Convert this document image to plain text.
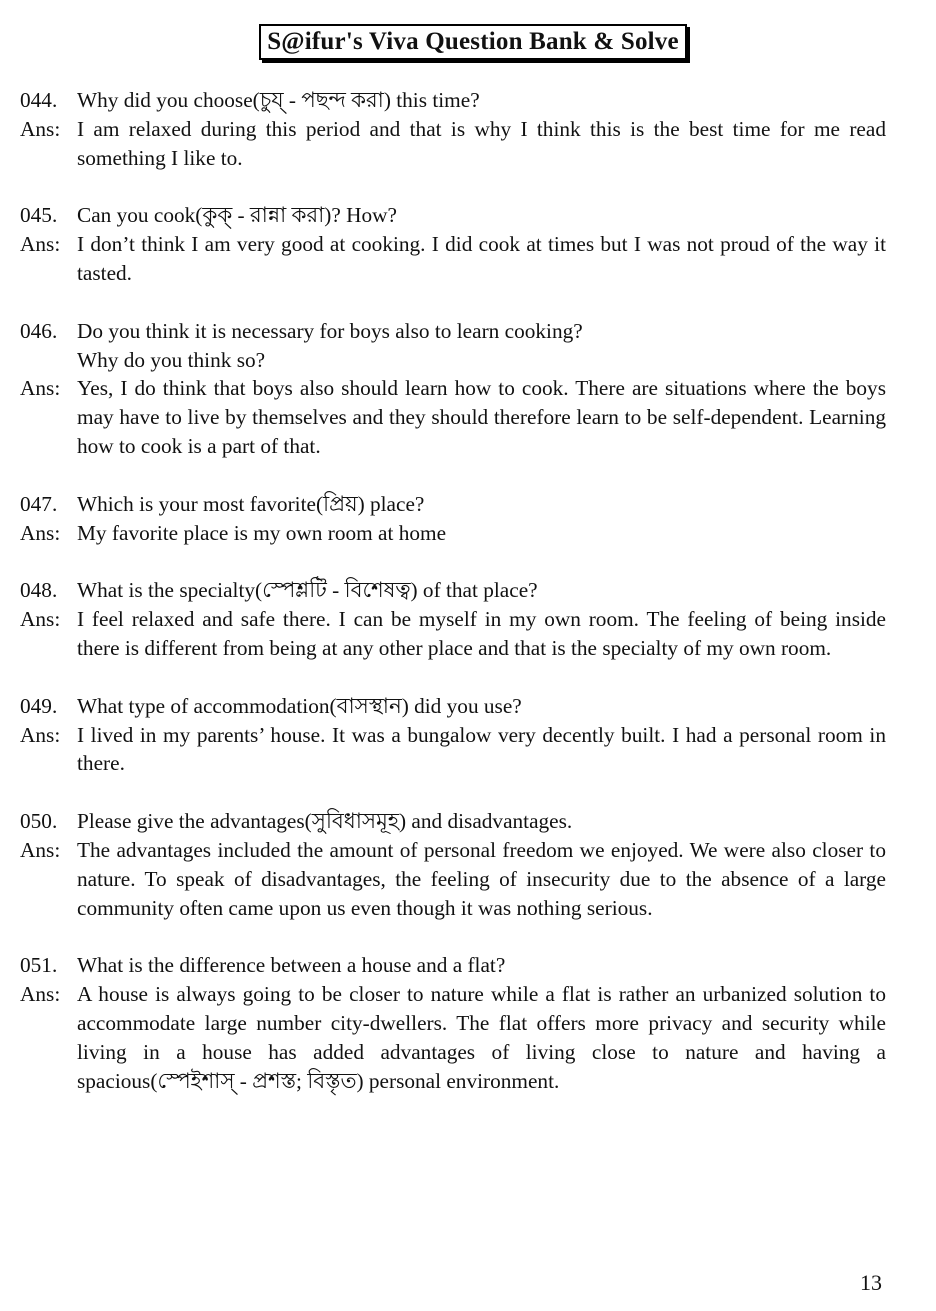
S@ifur's Viva Question Bank & Solve
044. Why did you choose(চুয্ - পছন্দ করা) this time?
Ans: I am relaxed during this period and that is why I think this is the best time for me read something I like to.
045. Can you cook(কুক্ - রান্না করা)? How?
Ans: I don’t think I am very good at cooking. I did cook at times but I was not proud of the way it tasted.
046. Do you think it is necessary for boys also to learn cooking?
Why do you think so?
Ans: Yes, I do think that boys also should learn how to cook. There are situations where the boys may have to live by themselves and they should therefore learn to be self-dependent. Learning how to cook is a part of that.
047. Which is your most favorite(প্রিয়) place?
Ans: My favorite place is my own room at home
048. What is the specialty(স্পেশ্লটি - বিশেষত্ব) of that place?
Ans: I feel relaxed and safe there. I can be myself in my own room. The feeling of being inside there is different from being at any other place and that is the specialty of my own room.
049. What type of accommodation(বাসস্থান) did you use?
Ans: I lived in my parents’ house. It was a bungalow very decently built. I had a personal room in there.
050. Please give the advantages(সুবিধাসমূহ) and disadvantages.
Ans: The advantages included the amount of personal freedom we enjoyed. We were also closer to nature. To speak of disadvantages, the feeling of insecurity due to the absence of a large community often came upon us even though it was nothing serious.
051. What is the difference between a house and a flat?
Ans: A house is always going to be closer to nature while a flat is rather an urbanized solution to accommodate large number city-dwellers. The flat offers more privacy and security while living in a house has added advantages of living close to nature and having a spacious(স্পেইশাস্ - প্রশস্ত; বিস্তৃত) personal environment.
13
